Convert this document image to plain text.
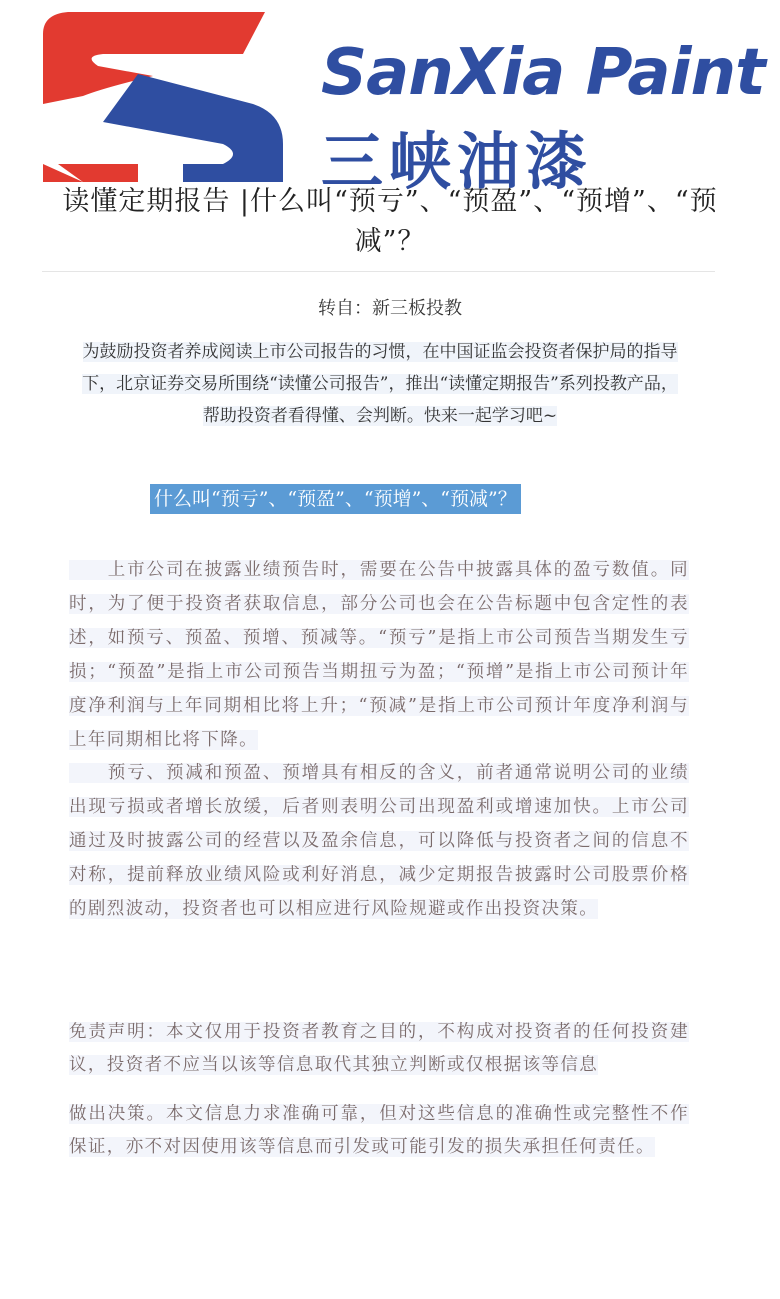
SanXia Paint
三峡油漆
读懂定期报告 |什么叫“预亏”、“预盈”、“预增”、“预减”？
转自：新三板投教
为鼓励投资者养成阅读上市公司报告的习惯，在中国证监会投资者保护局的指导下，北京证券交易所围绕“读懂公司报告”，推出“读懂定期报告”系列投教产品，帮助投资者看得懂、会判断。快来一起学习吧~
什么叫“预亏”、“预盈”、“预增”、“预减”？
　　上市公司在披露业绩预告时，需要在公告中披露具体的盈亏数值。同时，为了便于投资者获取信息，部分公司也会在公告标题中包含定性的表述，如预亏、预盈、预增、预减等。“预亏”是指上市公司预告当期发生亏损；“预盈”是指上市公司预告当期扭亏为盈；“预增”是指上市公司预计年度净利润与上年同期相比将上升；“预减”是指上市公司预计年度净利润与上年同期相比将下降。
　　预亏、预减和预盈、预增具有相反的含义，前者通常说明公司的业绩出现亏损或者增长放缓，后者则表明公司出现盈利或增速加快。上市公司通过及时披露公司的经营以及盈余信息，可以降低与投资者之间的信息不对称，提前释放业绩风险或利好消息，减少定期报告披露时公司股票价格的剧烈波动，投资者也可以相应进行风险规避或作出投资决策。
免责声明：本文仅用于投资者教育之目的，不构成对投资者的任何投资建议，投资者不应当以该等信息取代其独立判断或仅根据该等信息
做出决策。本文信息力求准确可靠，但对这些信息的准确性或完整性不作保证，亦不对因使用该等信息而引发或可能引发的损失承担任何责任。
